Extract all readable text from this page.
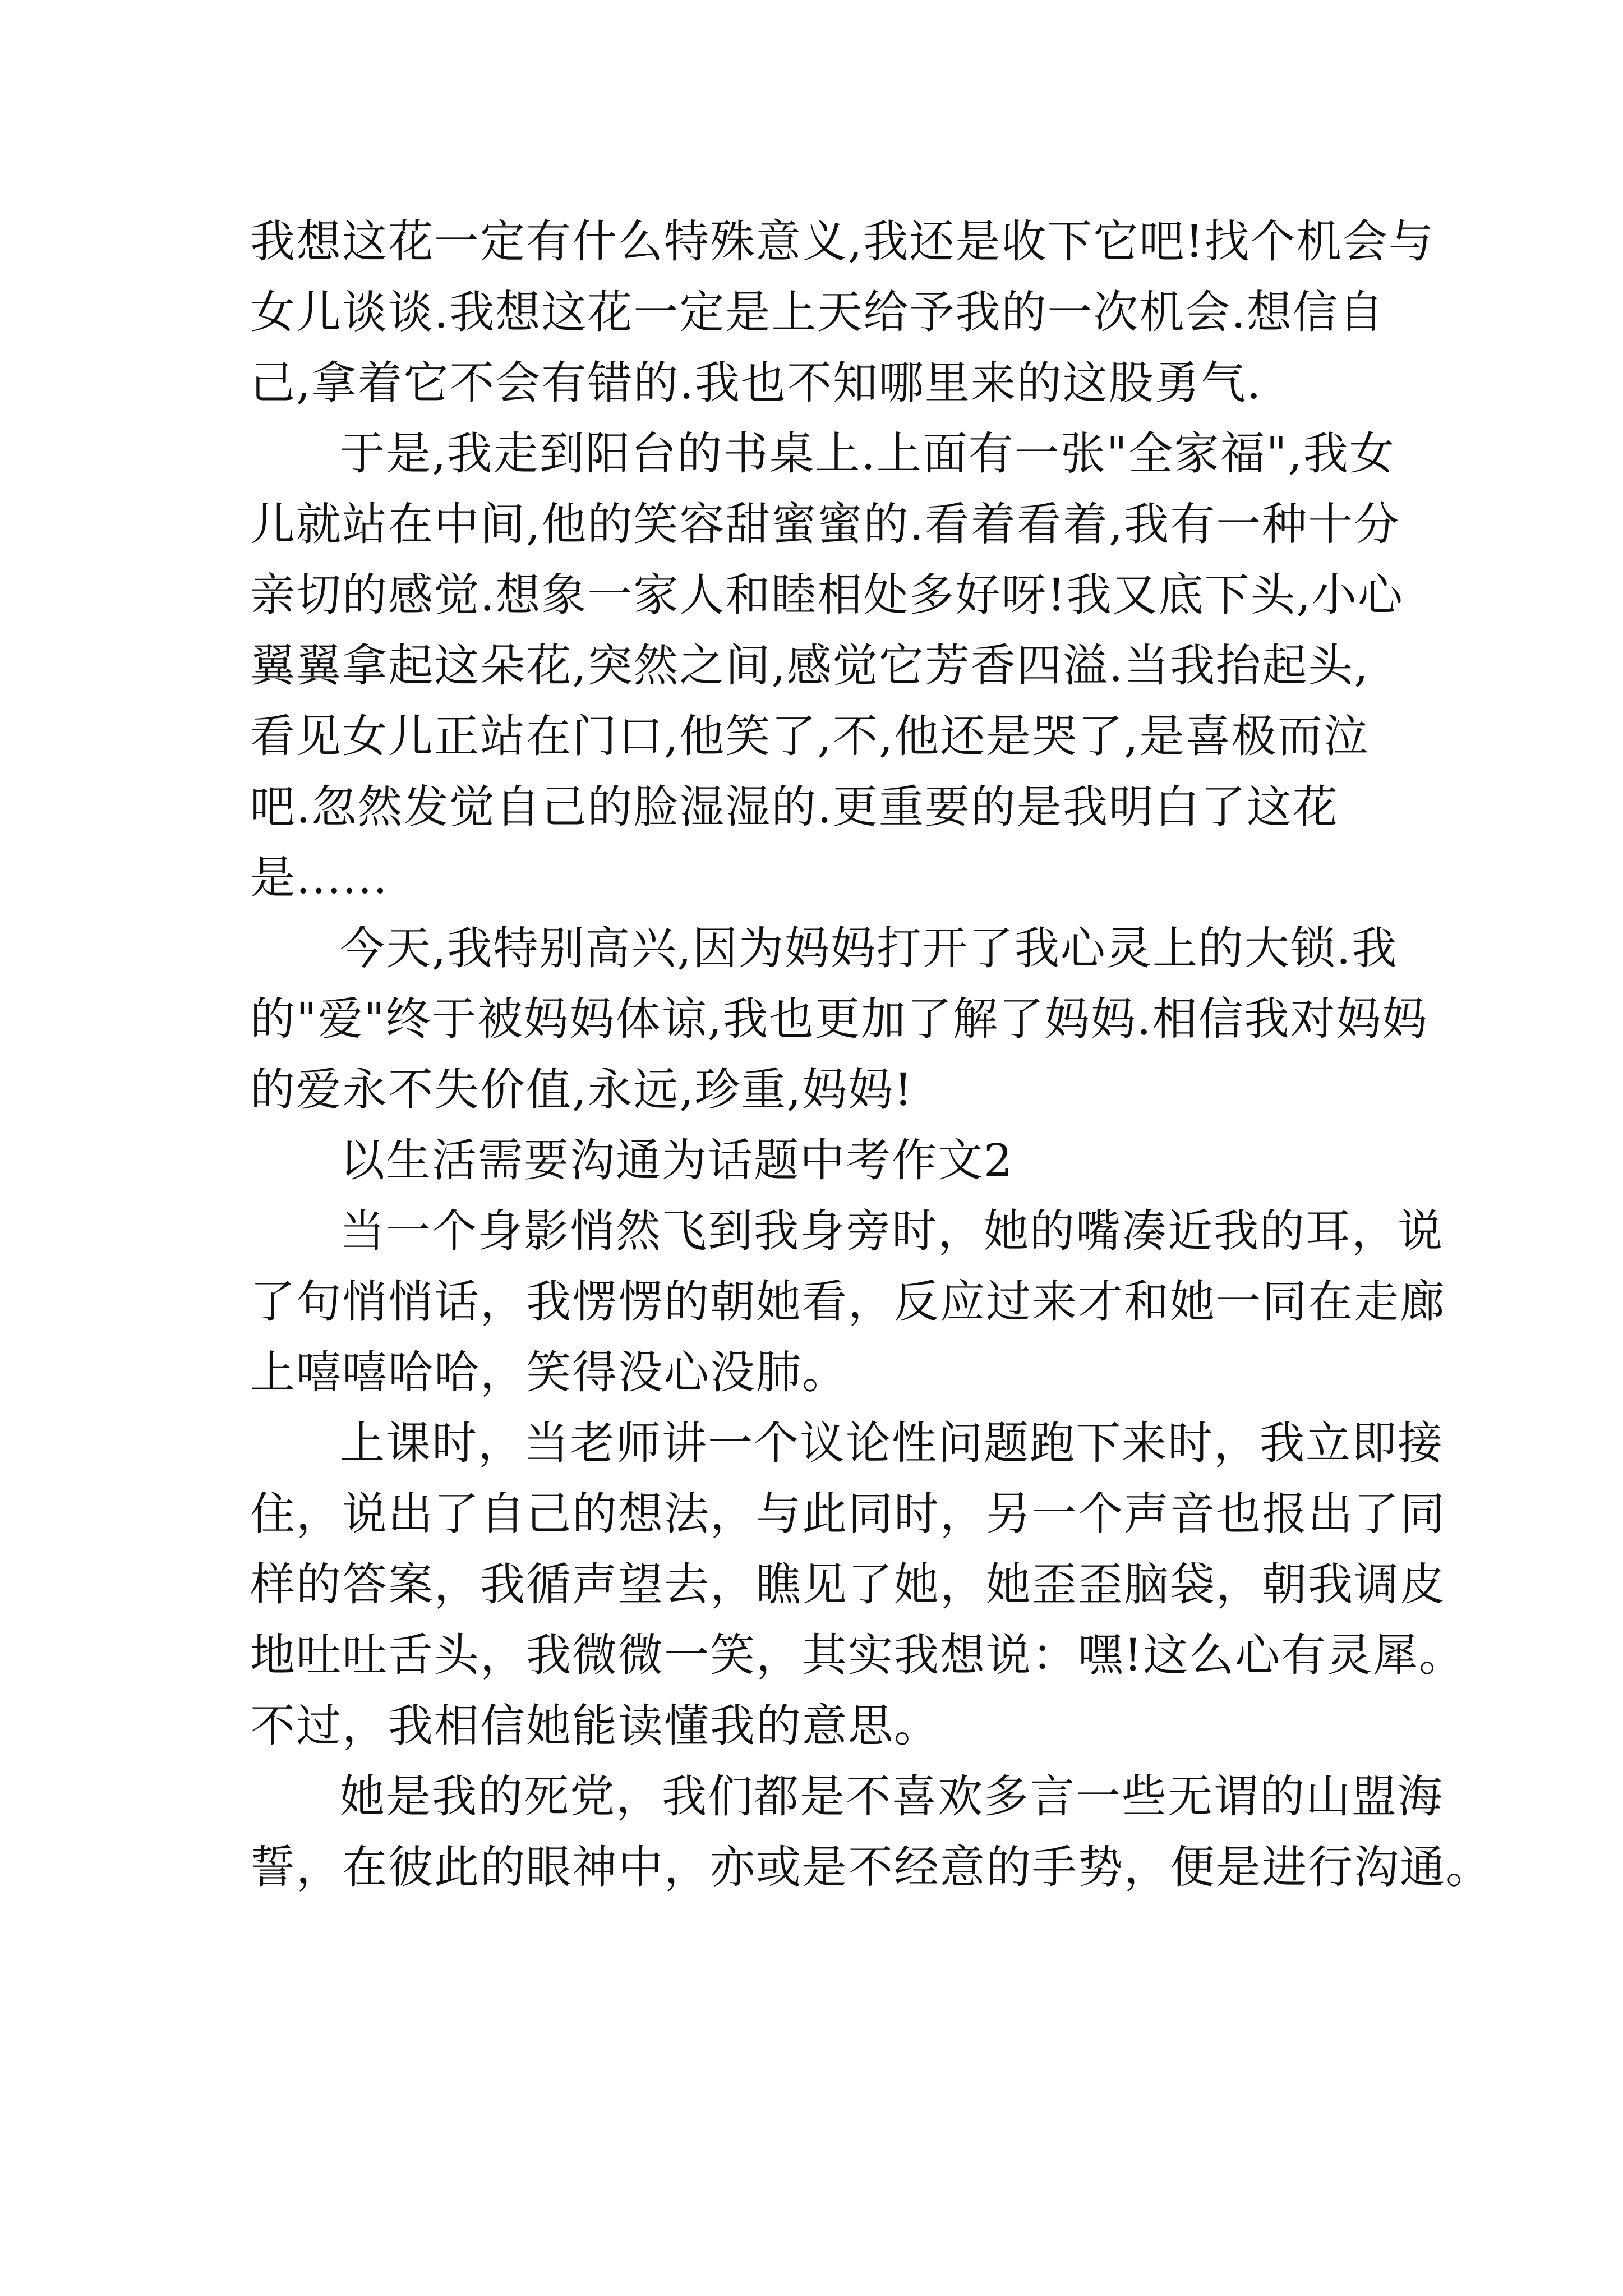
我想这花一定有什么特殊意义,我还是收下它吧!找个机会与
女儿谈谈.我想这花一定是上天给予我的一次机会.想信自
己,拿着它不会有错的.我也不知哪里来的这股勇气.
于是,我走到阳台的书桌上.上面有一张"全家福",我女
儿就站在中间,他的笑容甜蜜蜜的.看着看着,我有一种十分
亲切的感觉.想象一家人和睦相处多好呀!我又底下头,小心
翼翼拿起这朵花,突然之间,感觉它芳香四溢.当我抬起头,
看见女儿正站在门口,他笑了,不,他还是哭了,是喜极而泣
吧.忽然发觉自己的脸湿湿的.更重要的是我明白了这花
是......
今天,我特别高兴,因为妈妈打开了我心灵上的大锁.我
的"爱"终于被妈妈体谅,我也更加了解了妈妈.相信我对妈妈
的爱永不失价值,永远,珍重,妈妈!
以生活需要沟通为话题中考作文2
当一个身影悄然飞到我身旁时，她的嘴凑近我的耳，说
了句悄悄话，我愣愣的朝她看，反应过来才和她一同在走廊
上嘻嘻哈哈，笑得没心没肺。
上课时，当老师讲一个议论性问题跑下来时，我立即接
住，说出了自己的想法，与此同时，另一个声音也报出了同
样的答案，我循声望去，瞧见了她，她歪歪脑袋，朝我调皮
地吐吐舌头，我微微一笑，其实我想说：嘿!这么心有灵犀。
不过，我相信她能读懂我的意思。
她是我的死党，我们都是不喜欢多言一些无谓的山盟海
誓，在彼此的眼神中，亦或是不经意的手势，便是进行沟通。
